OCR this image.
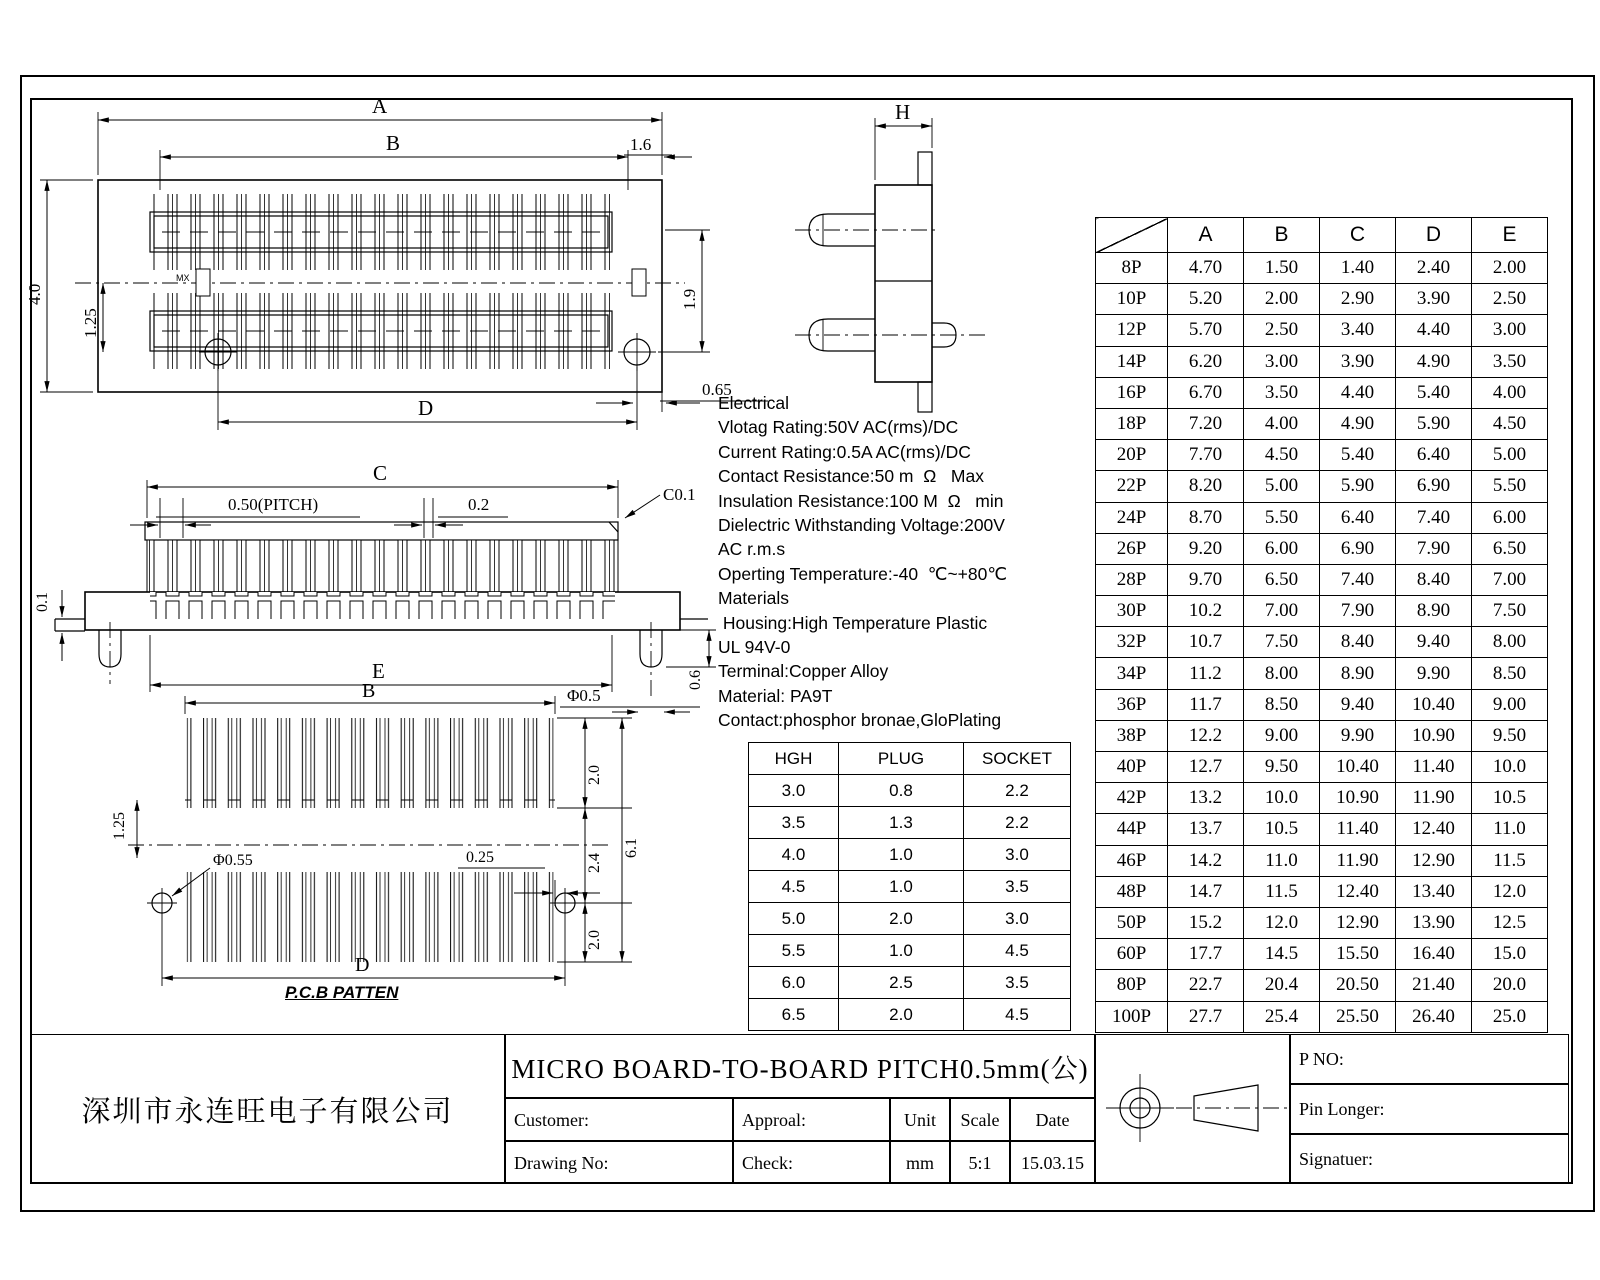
MX
A
B	1.6
4.0
1.25
1.9
D
0.65
H
C
0.50(PITCH)	0.2
C0.1
0.1
E
Φ0.5
0.6
B
1.25
Φ0.55	0.25
2.0
2.4
2.0
6.1
D
Electrical
Vlotag Rating:50V AC(rms)/DC
Current Rating:0.5A AC(rms)/DC
Contact Resistance:50 m  Ω   Max
Insulation Resistance:100 M  Ω   min
Dielectric Withstanding Voltage:200V
AC r.m.s
Operting Temperature:-40  ℃~+80℃
Materials
Housing:High Temperature Plastic
UL 94V-0
Terminal:Copper Alloy
Material: PA9T
Contact:phosphor bronae,GloPlating
	A	B	C	D	E
8P	4.70	1.50	1.40	2.40	2.00
10P	5.20	2.00	2.90	3.90	2.50
12P	5.70	2.50	3.40	4.40	3.00
14P	6.20	3.00	3.90	4.90	3.50
16P	6.70	3.50	4.40	5.40	4.00
18P	7.20	4.00	4.90	5.90	4.50
20P	7.70	4.50	5.40	6.40	5.00
22P	8.20	5.00	5.90	6.90	5.50
24P	8.70	5.50	6.40	7.40	6.00
26P	9.20	6.00	6.90	7.90	6.50
28P	9.70	6.50	7.40	8.40	7.00
30P	10.2	7.00	7.90	8.90	7.50
32P	10.7	7.50	8.40	9.40	8.00
34P	11.2	8.00	8.90	9.90	8.50
36P	11.7	8.50	9.40	10.40	9.00
38P	12.2	9.00	9.90	10.90	9.50
40P	12.7	9.50	10.40	11.40	10.0
42P	13.2	10.0	10.90	11.90	10.5
44P	13.7	10.5	11.40	12.40	11.0
46P	14.2	11.0	11.90	12.90	11.5
48P	14.7	11.5	12.40	13.40	12.0
50P	15.2	12.0	12.90	13.90	12.5
60P	17.7	14.5	15.50	16.40	15.0
80P	22.7	20.4	20.50	21.40	20.0
100P	27.7	25.4	25.50	26.40	25.0
HGH	PLUG	SOCKET
3.0	0.8	2.2
3.5	1.3	2.2
4.0	1.0	3.0
4.5	1.0	3.5
5.0	2.0	3.0
5.5	1.0	4.5
6.0	2.5	3.5
6.5	2.0	4.5
P.C.B PATTEN
深圳市永连旺电子有限公司
MICRO BOARD-TO-BOARD PITCH0.5mm(公)
Customer:	Approal:	Unit Scale Date
Drawing No:	Check:	mm 5:1 15.03.15
P NO:
Pin Longer:
Signatuer:
